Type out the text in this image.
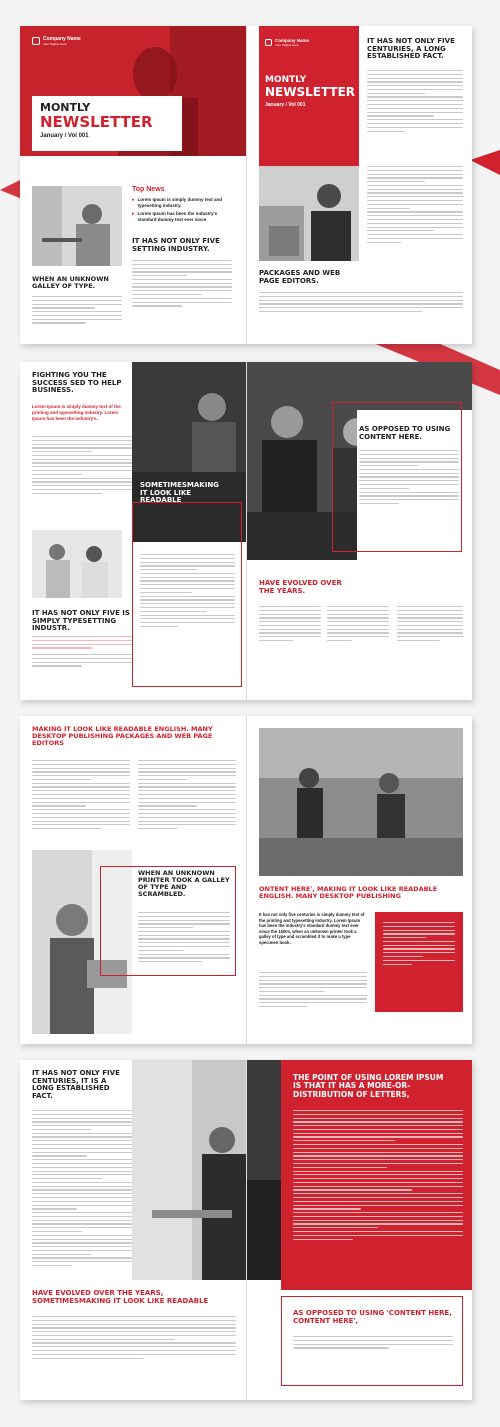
Company Name
Your Tagline Here
MONTLY
NEWSLETTER
January / Vol 001
WHEN AN UNKNOWN GALLEY OF TYPE.
Top News
▸ Lorem Ipsum is simply dummy text and typesetting industry.
▸ Lorem Ipsum has been the industry's standard dummy text ever since
IT HAS NOT ONLY FIVE SETTING INDUSTRY.
Company Name
Your Tagline Here
MONTLY
NEWSLETTER
January / Vol 001
IT HAS NOT ONLY FIVE CENTURIES, A LONG ESTABLISHED FACT.
PACKAGES AND WEB PAGE EDITORS.
FIGHTING YOU THE SUCCESS SED TO HELP BUSINESS.
Lorem Ipsum is simply dummy text of the printing and typesetting industry. Lorem Ipsum has been the industry's.
IT HAS NOT ONLY FIVE IS SIMPLY TYPESETTING INDUSTR.
SOMETIMESMAKING IT LOOK LIKE READABLE
AS OPPOSED TO USING CONTENT HERE.
HAVE EVOLVED OVER THE YEARS.
MAKING IT LOOK LIKE READABLE ENGLISH. MANY DESKTOP PUBLISHING PACKAGES AND WEB PAGE EDITORS
WHEN AN UNKNOWN PRINTER TOOK A GALLEY OF TYPE AND SCRAMBLED.
ONTENT HERE', MAKING IT LOOK LIKE READABLE ENGLISH. MANY DESKTOP PUBLISHING
It has not only five centuries is simply dummy text of the printing and typesetting industry. Lorem Ipsum has been the industry's standard dummy text ever since the 1500s, when an unknown printer took a galley of type and scrambled it to make a type specimen book.
IT HAS NOT ONLY FIVE CENTURIES, IT IS A LONG ESTABLISHED FACT.
HAVE EVOLVED OVER THE YEARS, SOMETIMESMAKING IT LOOK LIKE READABLE
THE POINT OF USING LOREM IPSUM IS THAT IT HAS A MORE-OR-DISTRIBUTION OF LETTERS,
AS OPPOSED TO USING 'CONTENT HERE, CONTENT HERE',
